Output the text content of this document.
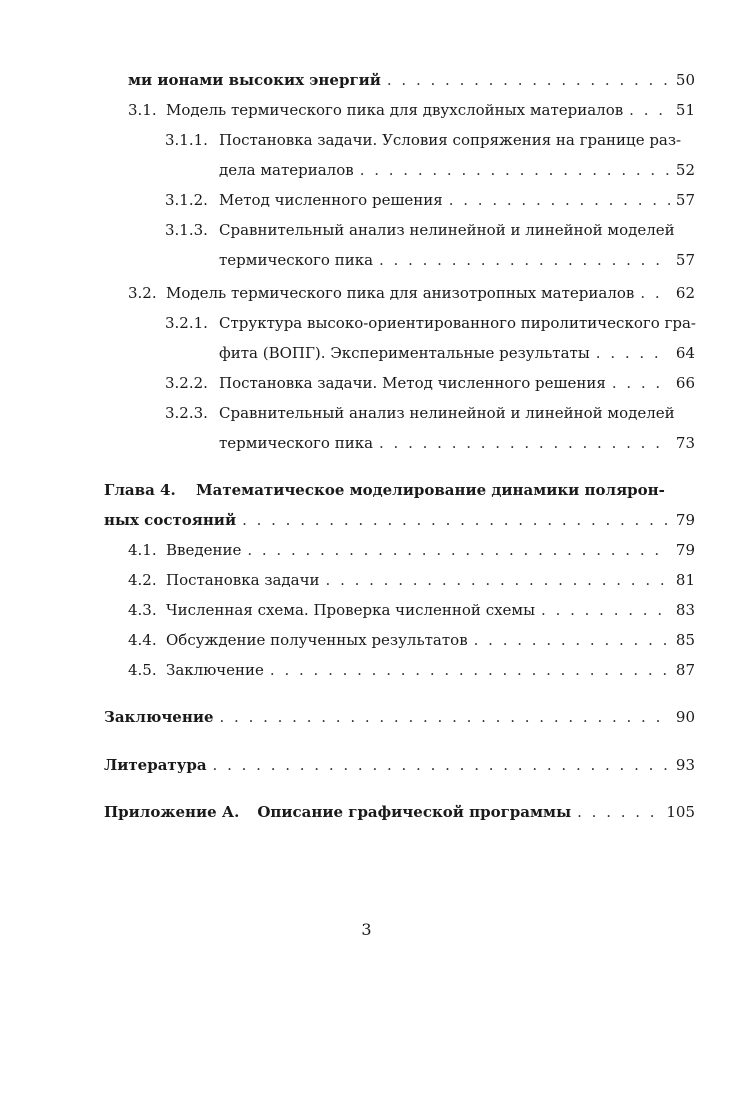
ми ионами высоких энергий . . .	50
3.1. Модель термического пика для двухслойных материалов . . .	51
3.1.1. Постановка задачи. Условия сопряжения на границе раз-
дела материалов . . .	52
3.1.2. Метод численного решения . . .	57
3.1.3. Сравнительный анализ нелинейной и линейной моделей
термического пика . . .	57
3.2. Модель термического пика для анизотропных материалов . . .	62
3.2.1. Структура высоко-ориентированного пиролитического гра-
фита (ВОПГ). Экспериментальные результаты . . .	64
3.2.2. Постановка задачи. Метод численного решения . . .	66
3.2.3. Сравнительный анализ нелинейной и линейной моделей
термического пика . . .	73
Глава 4.	Математическое моделирование динамики полярон-
ных состояний . . .	79
4.1. Введение . . .	79
4.2. Постановка задачи . . .	81
4.3. Численная схема. Проверка численной схемы . . .	83
4.4. Обсуждение полученных результатов . . .	85
4.5. Заключение . . .	87
Заключение . . .	90
Литература . . .	93
Приложение А. Описание графической программы . . .	105
3
